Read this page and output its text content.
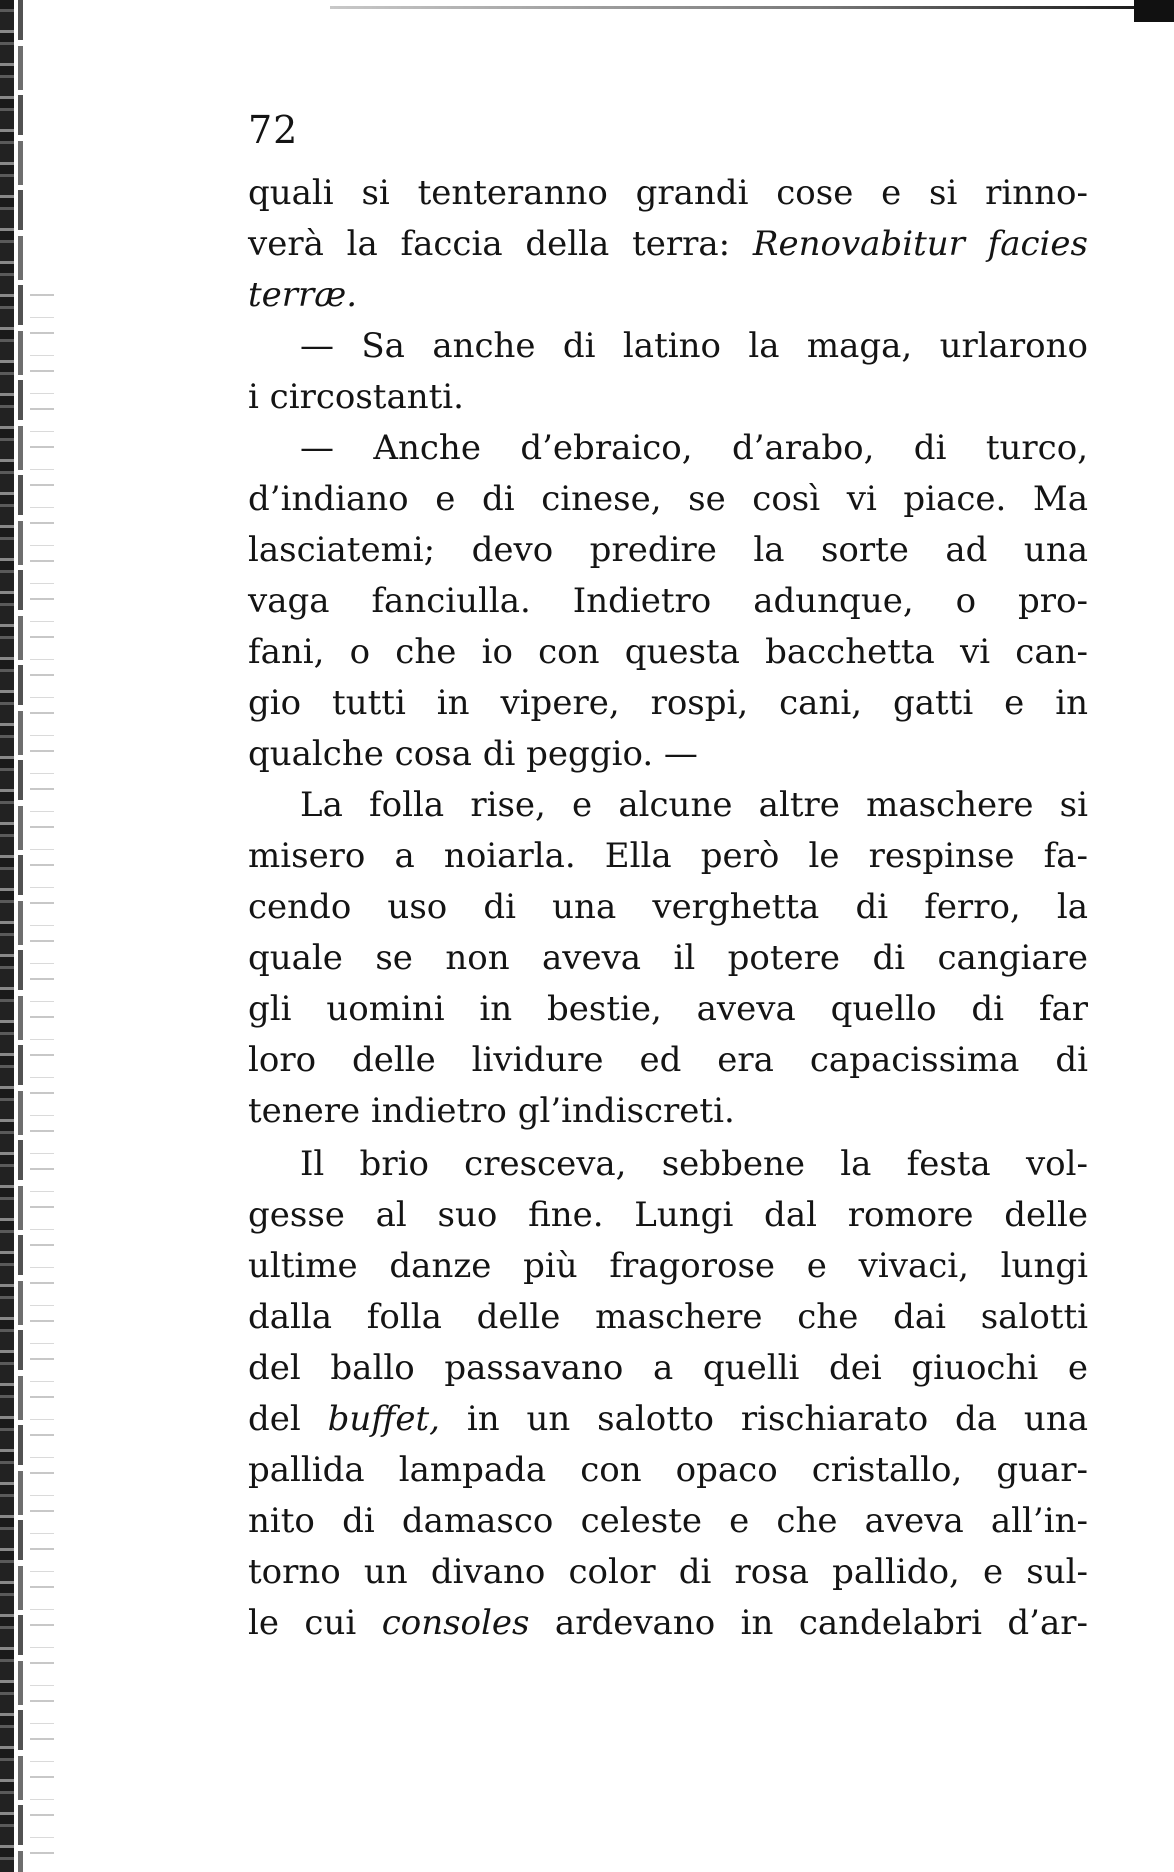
72
quali si tenteranno grandi cose e si rinno-
verà la faccia della terra: Renovabitur facies
terræ.
— Sa anche di latino la maga, urlarono
i circostanti.
— Anche d’ebraico, d’arabo, di turco,
d’indiano e di cinese, se così vi piace. Ma
lasciatemi; devo predire la sorte ad una
vaga fanciulla. Indietro adunque, o pro-
fani, o che io con questa bacchetta vi can-
gio tutti in vipere, rospi, cani, gatti e in
qualche cosa di peggio. —
La folla rise, e alcune altre maschere si
misero a noiarla. Ella però le respinse fa-
cendo uso di una verghetta di ferro, la
quale se non aveva il potere di cangiare
gli uomini in bestie, aveva quello di far
loro delle lividure ed era capacissima di
tenere indietro gl’indiscreti.
Il brio cresceva, sebbene la festa vol-
gesse al suo fine. Lungi dal romore delle
ultime danze più fragorose e vivaci, lungi
dalla folla delle maschere che dai salotti
del ballo passavano a quelli dei giuochi e
del buffet, in un salotto rischiarato da una
pallida lampada con opaco cristallo, guar-
nito di damasco celeste e che aveva all’in-
torno un divano color di rosa pallido, e sul-
le cui consoles ardevano in candelabri d’ar-
